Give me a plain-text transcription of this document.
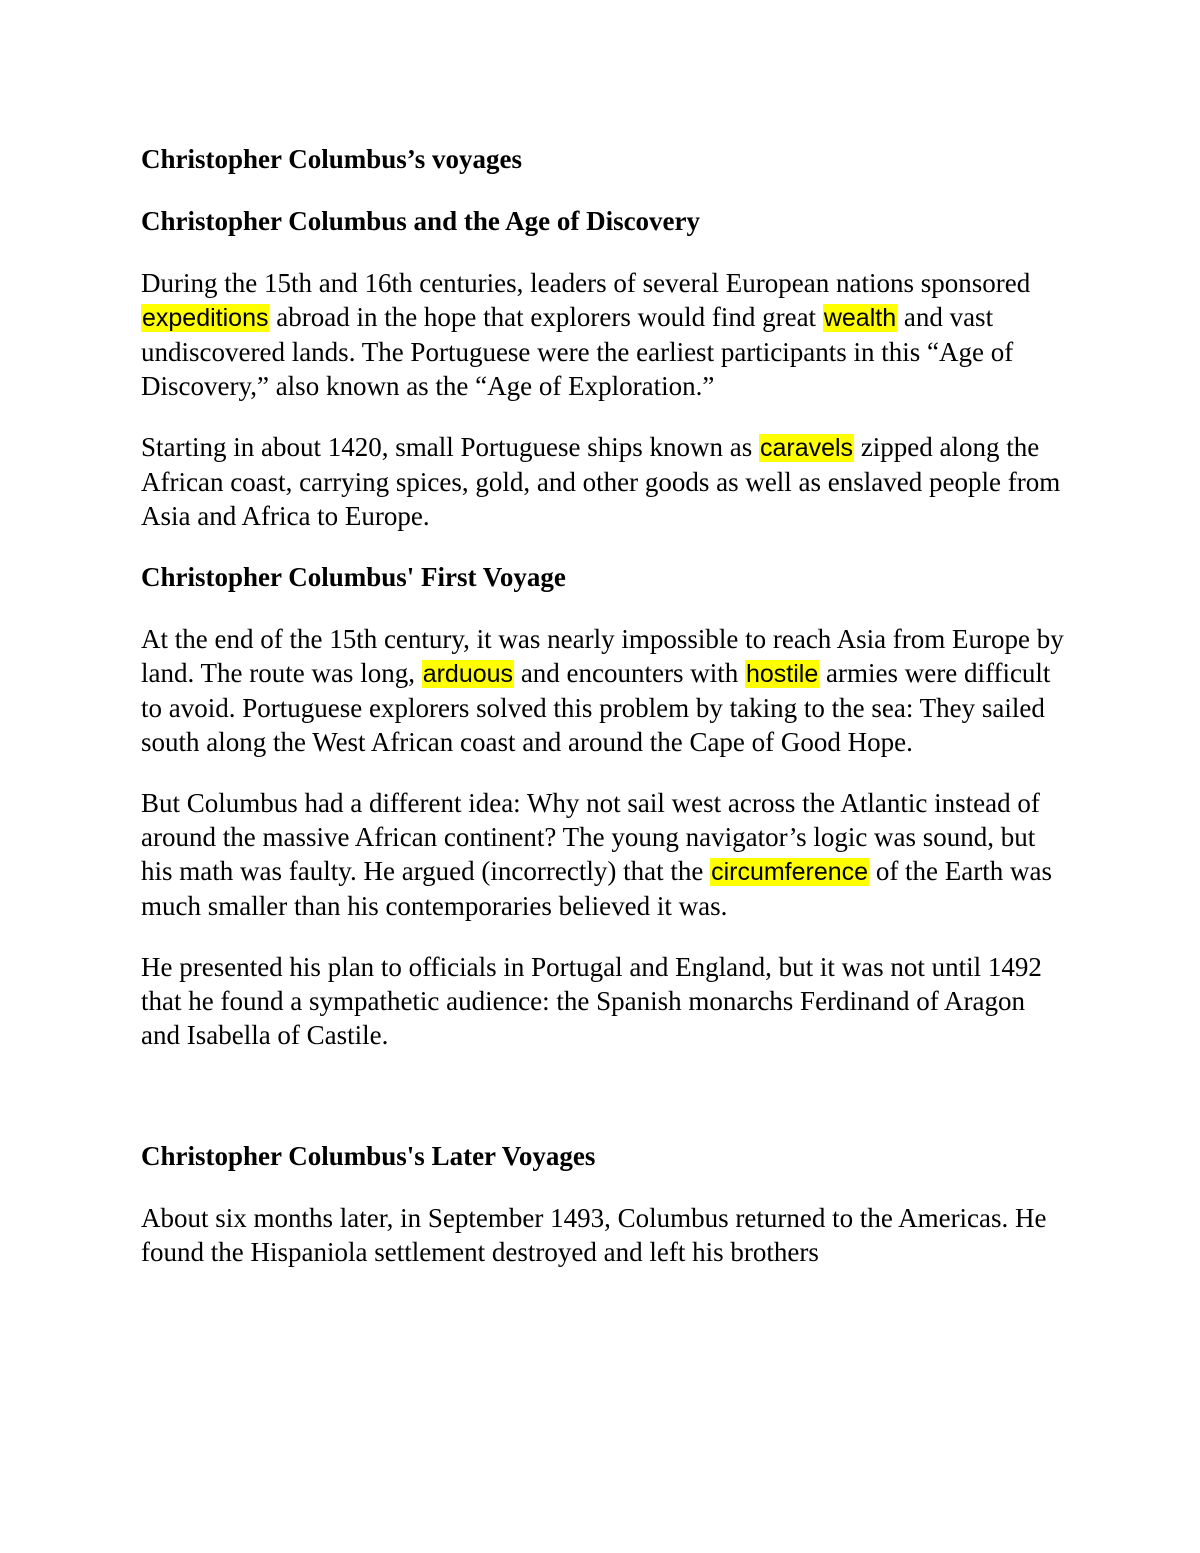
Christopher Columbus’s voyages
Christopher Columbus and the Age of Discovery

During the 15th and 16th centuries, leaders of several European nations sponsored expeditions abroad in the hope that explorers would find great wealth and vast undiscovered lands. The Portuguese were the earliest participants in this “Age of Discovery,” also known as the “Age of Exploration.”

Starting in about 1420, small Portuguese ships known as caravels zipped along the African coast, carrying spices, gold, and other goods as well as enslaved people from Asia and Africa to Europe.

Christopher Columbus' First Voyage

At the end of the 15th century, it was nearly impossible to reach Asia from Europe by land. The route was long, arduous and encounters with hostile armies were difficult to avoid. Portuguese explorers solved this problem by taking to the sea: They sailed south along the West African coast and around the Cape of Good Hope.

But Columbus had a different idea: Why not sail west across the Atlantic instead of around the massive African continent? The young navigator’s logic was sound, but his math was faulty. He argued (incorrectly) that the circumference of the Earth was much smaller than his contemporaries believed it was.

He presented his plan to officials in Portugal and England, but it was not until 1492 that he found a sympathetic audience: the Spanish monarchs Ferdinand of Aragon and Isabella of Castile.

Christopher Columbus's Later Voyages

About six months later, in September 1493, Columbus returned to the Americas. He found the Hispaniola settlement destroyed and left his brothers
